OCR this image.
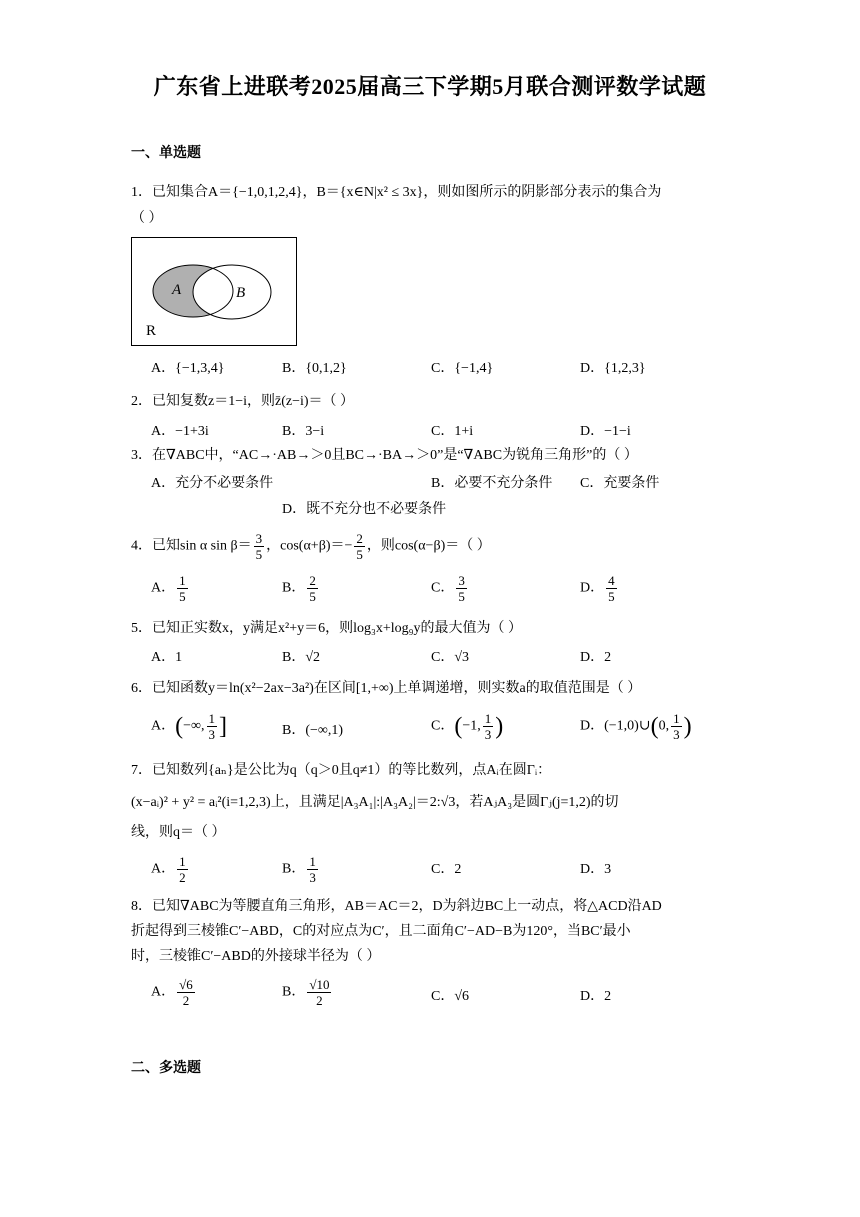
广东省上进联考2025届高三下学期5月联合测评数学试题
一、单选题
1．已知集合A＝{−1,0,1,2,4}，B＝{x∈N|x² ≤ 3x}，则如图所示的阴影部分表示的集合为
（ ）
A	B
R
A．{−1,3,4}	B．{0,1,2}	C．{−1,4}	D．{1,2,3}
2．已知复数z＝1−i，则z̄(z−i)＝（ ）
A．−1+3i	B．3−i	C．1+i	D．−1−i
3．在∇ABC中，“AC→·AB→＞0且BC→·BA→＞0”是“∇ABC为锐角三角形”的（ ）
A．充分不必要条件	B．必要不充分条件 C．充要条件
D．既不充分也不必要条件
4．已知sin α $\sin \beta= \frac{3}{5}$ ，$\cos(\alpha+\beta)=- \frac{2}{5}$ ，则cos(α−β)＝（ ）
A． $\frac{1}{5}$	B． $\frac{2}{5}$	C． $\frac{3}{5}$	D． $\frac{4}{5}$
5．已知正实数x，y满足x²+y＝6，则log₃x+log₉y的最大值为（ ）
A．1	B．√2	C．√3	D．2
6．已知函数y＝ln(x²−2ax−3a²)在区间[1,+∞)上单调递增，则实数a的取值范围是（ ）
A．(−∞, $\frac{1}{3}$ ]	B．(−∞,1)	C．(−1, $\frac{1}{3}$ )	D．(−1,0)∪(0, $\frac{1}{3}$ )
7．已知数列{aₙ}是公比为q（q＞0且q≠1）的等比数列，点Aᵢ在圆Γᵢ：
(x−aᵢ)² + y² = aᵢ²(i=1,2,3)上，且满足|A₃A₁|:|A₃A₂|＝2:√3，若AⱼA₃是圆Γⱼ(j=1,2)的切
线，则q＝（ ）
A． $\frac{1}{2}$	B． $\frac{1}{3}$	C．2	D．3
8．已知∇ABC为等腰直角三角形，AB＝AC＝2，D为斜边BC上一动点，将△ACD沿AD
折起得到三棱锥C′−ABD，C的对应点为C′，且二面角C′−AD−B为120°，当BC′最小
时，三棱锥C′−ABD的外接球半径为（ ）
A． $\frac{√6}{2}$	B． $\frac{√10}{2}$	C．√6	D．2
二、多选题
